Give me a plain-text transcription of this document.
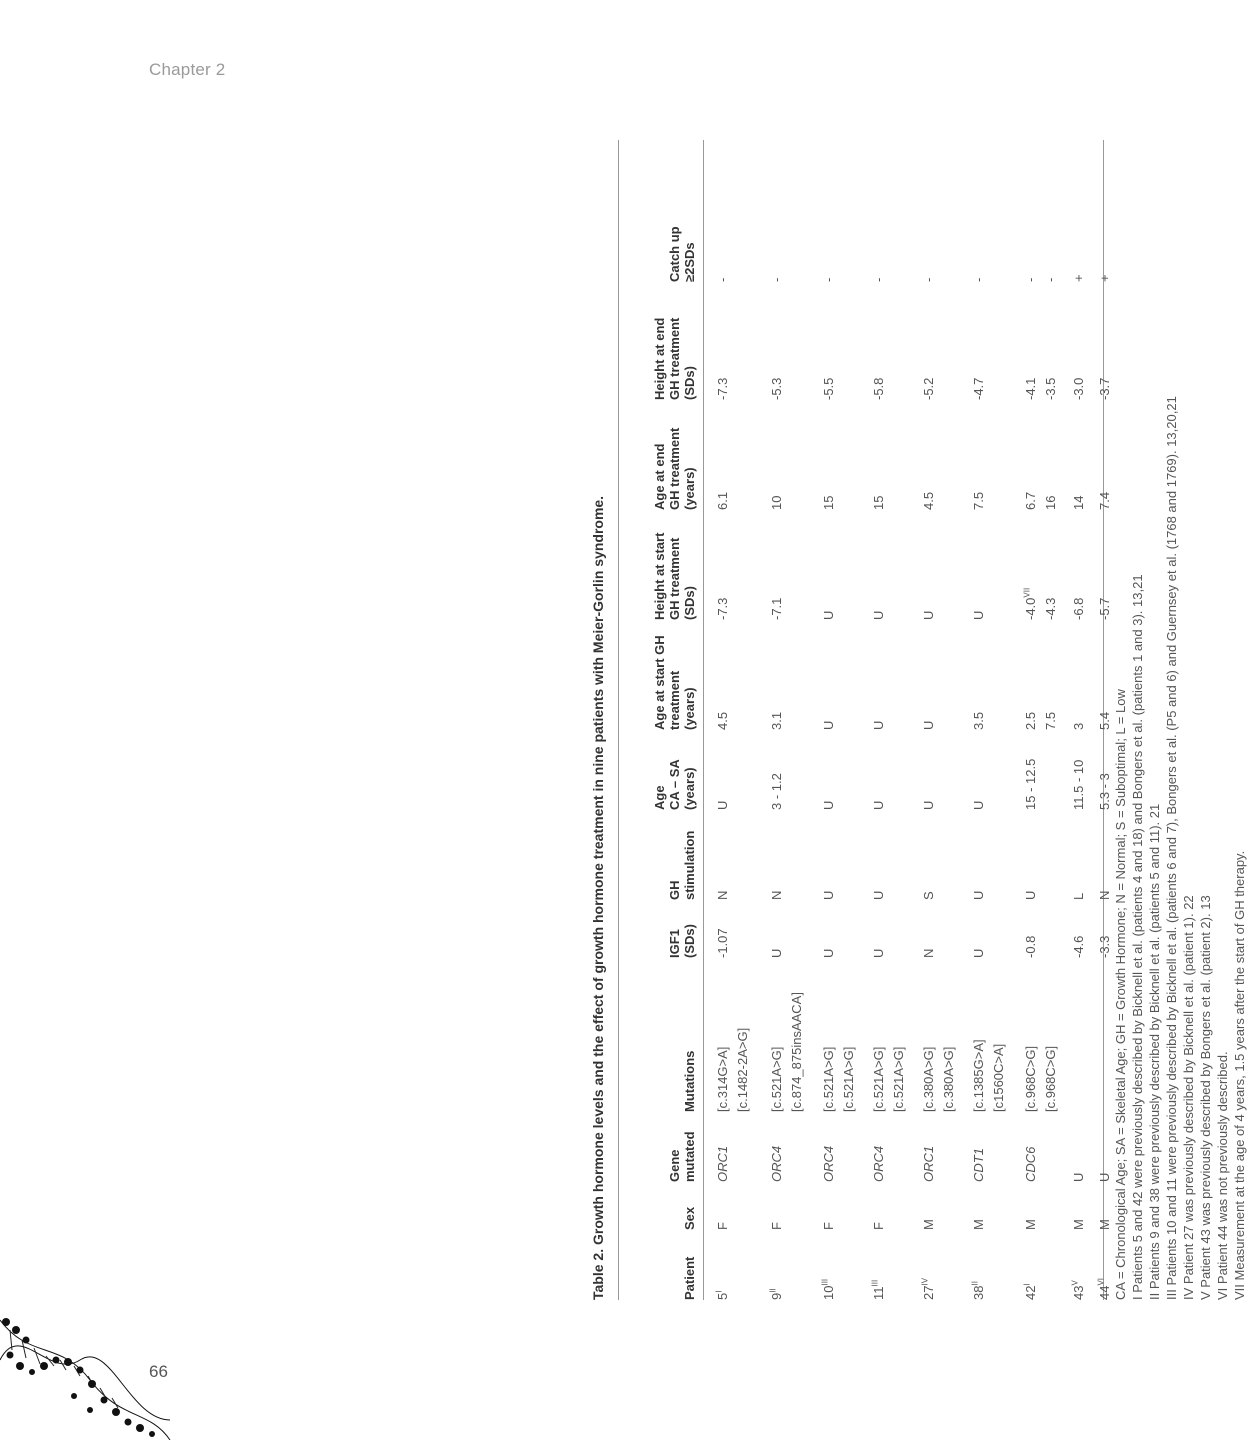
Chapter 2
66
Table 2. Growth hormone levels and the effect of growth hormone treatment in nine patients with Meier-Gorlin syndrome.	Patient
Sex
Gene
mutated
Mutations
IGF1
(SDs)
GH
stimulation
Age
CA – SA
(years)
Age at start GH
treatment
(years)
Height at start
GH treatment
(SDs)
Age at end
GH treatment
(years)
Height at end
GH treatment
(SDs)
Catch up
≥2SDs
$5^I$
F
ORC1
[c.314G>A] [c.1482-2A>G]
-1.07
N
U
4.5
-7.3
6.1
-7.3
-
$9^{II}$
F
ORC4
[c.521A>G] [c.874_875insAACA]
U
N
3 - 1.2
3.1
-7.1
10
-5.3
-
$10^{III}$
F
ORC4
[c.521A>G] [c.521A>G]
U
U
U
U
U
15
-5.5
-
$11^{III}$
F
ORC4
[c.521A>G] [c.521A>G]
U
U
U
U
U
15
-5.8
-
$27^{IV}$
M
ORC1
[c.380A>G] [c.380A>G]
N
S
U
U
U
4.5
-5.2
-
$38^{II}$
M
CDT1
[c.1385G>A] [c1560C>A]
U
U
U
3.5
U
7.5
-4.7
-
$42^I$
M
CDC6
[c.968C>G] [c.968C>G]
-0.8
U
15 - 12.5
2.5 7.5
$-4.0^{VII}$
-4.3
6.7 16
-4.1 -3.5
- -
$43^V$
M
U
-4.6
L
11.5 - 10
3
-6.8
14
-3.0
+
$44^{VI}$
M
U
-3.3
N
5.3 - 3
5.4
-5.7
7.4
-3.7
+
CA = Chronological Age; SA = Skeletal Age; GH = Growth Hormone; N = Normal; S = Suboptimal; L = Low I Patients 5 and 42 were previously described by Bicknell et al. (patients 4 and 18) and Bongers et al. (patients 1 and 3). 13,21 II Patients 9 and 38 were previously described by Bicknell et al. (patients 5 and 11). 21 III Patients 10 and 11 were previously described by Bicknell et al. (patients 6 and 7), Bongers et al. (P5 and 6) and Guernsey et al. (1768 and 1769). 13,20,21 IV Patient 27 was previously described by Bicknell et al. (patient 1). 22 V Patient 43 was previously described by Bongers et al. (patient 2). 13 VI Patient 44 was not previously described. VII Measurement at the age of 4 years, 1.5 years after the start of GH therapy.
